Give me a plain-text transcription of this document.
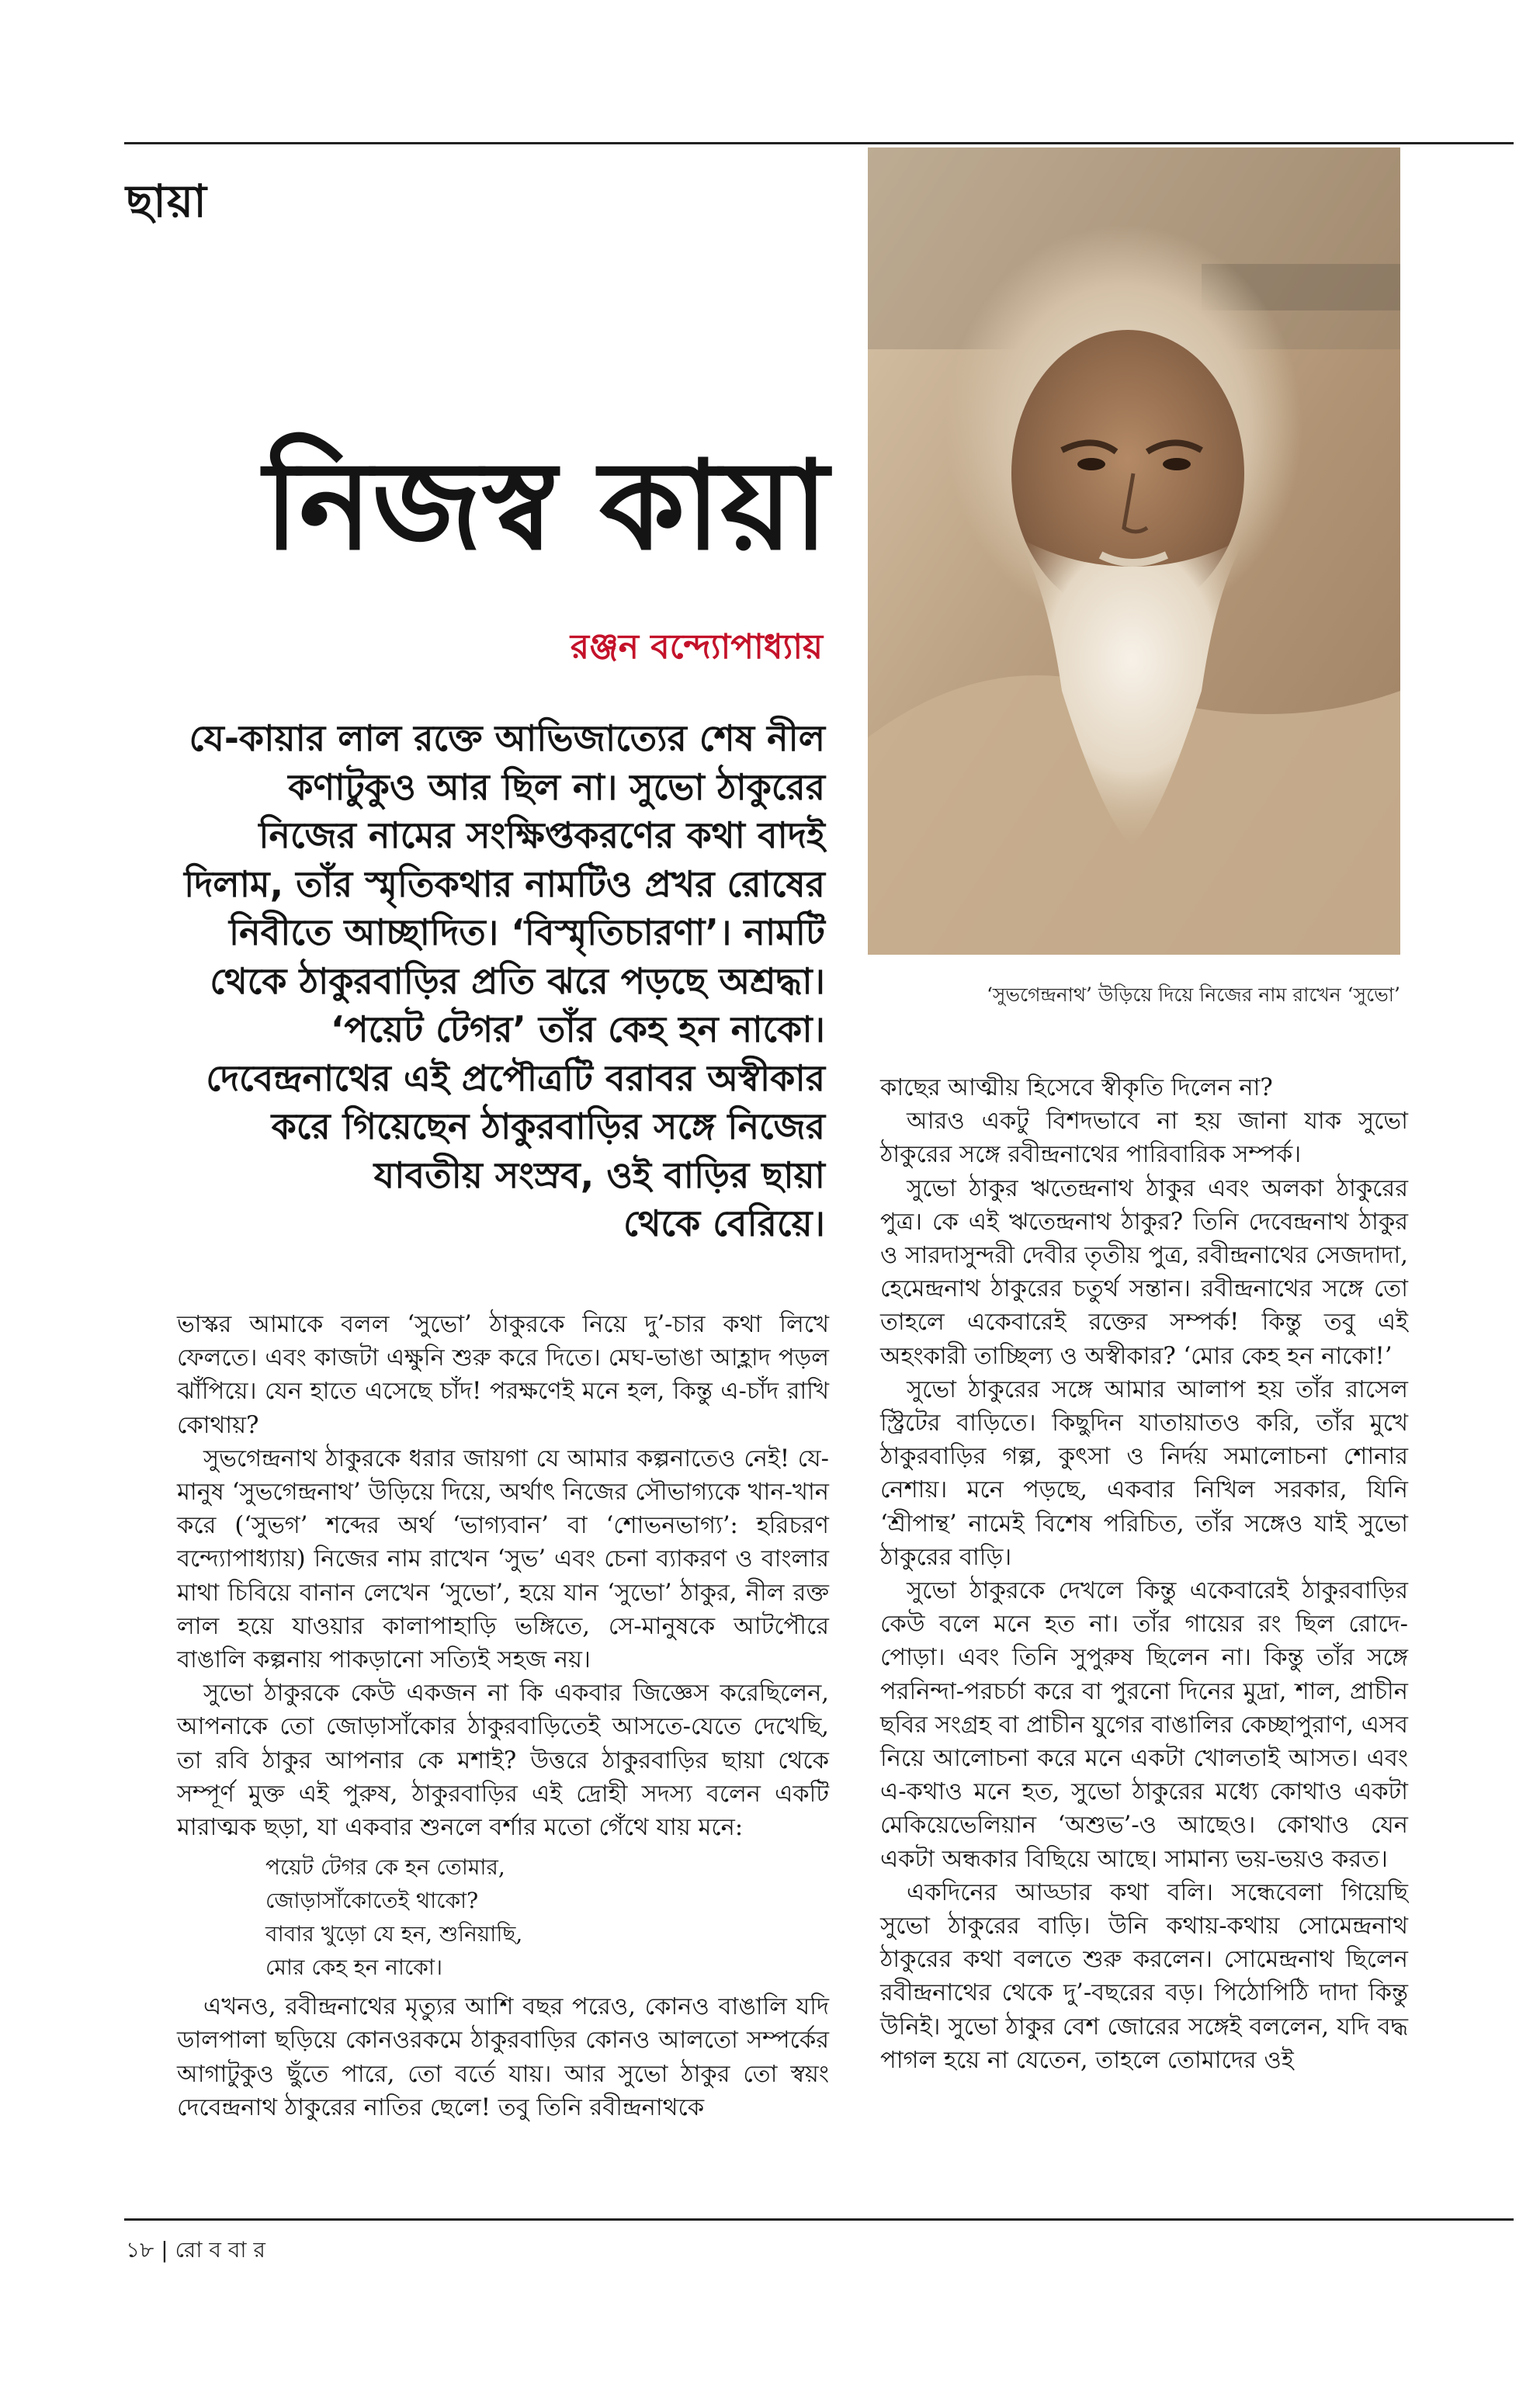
ছায়া
নিজস্ব কায়া
রঞ্জন বন্দ্যোপাধ্যায়

যে-কায়ার লাল রক্তে আভিজাত্যের শেষ নীল

কণাটুকুও আর ছিল না। সুভো ঠাকুরের

নিজের নামের সংক্ষিপ্তকরণের কথা বাদই

দিলাম, তাঁর স্মৃতিকথার নামটিও প্রখর রোষের

নিবীতে আচ্ছাদিত। ‘বিস্মৃতিচারণা’। নামটি

থেকে ঠাকুরবাড়ির প্রতি ঝরে পড়ছে অশ্রদ্ধা।

‘পয়েট টেগর’ তাঁর কেহ হন নাকো।

দেবেন্দ্রনাথের এই প্রপৌত্রটি বরাবর অস্বীকার

করে গিয়েছেন ঠাকুরবাড়ির সঙ্গে নিজের

যাবতীয় সংস্রব, ওই বাড়ির ছায়া

থেকে বেরিয়ে।

‘সুভগেন্দ্রনাথ’ উড়িয়ে দিয়ে নিজের নাম রাখেন ‘সুভো’

ভাস্কর আমাকে বলল ‘সুভো’ ঠাকুরকে নিয়ে দু’-চার কথা লিখে ফেলতে। এবং কাজটা এক্ষুনি শুরু করে দিতে। মেঘ-ভাঙা আহ্লাদ পড়ল ঝাঁপিয়ে। যেন হাতে এসেছে চাঁদ! পরক্ষণেই মনে হল, কিন্তু এ-চাঁদ রাখি কোথায়?

সুভগেন্দ্রনাথ ঠাকুরকে ধরার জায়গা যে আমার কল্পনাতেও নেই! যে-মানুষ ‘সুভগেন্দ্রনাথ’ উড়িয়ে দিয়ে, অর্থাৎ নিজের সৌভাগ্যকে খান-খান করে (‘সুভগ’ শব্দের অর্থ ‘ভাগ্যবান’ বা ‘শোভনভাগ্য’: হরিচরণ বন্দ্যোপাধ্যায়) নিজের নাম রাখেন ‘সুভ’ এবং চেনা ব্যাকরণ ও বাংলার মাথা চিবিয়ে বানান লেখেন ‘সুভো’, হয়ে যান ‘সুভো’ ঠাকুর, নীল রক্ত লাল হয়ে যাওয়ার কালাপাহাড়ি ভঙ্গিতে, সে-মানুষকে আটপৌরে বাঙালি কল্পনায় পাকড়ানো সত্যিই সহজ নয়।

সুভো ঠাকুরকে কেউ একজন না কি একবার জিজ্ঞেস করেছিলেন, আপনাকে তো জোড়াসাঁকোর ঠাকুরবাড়িতেই আসতে-যেতে দেখেছি, তা রবি ঠাকুর আপনার কে মশাই? উত্তরে ঠাকুরবাড়ির ছায়া থেকে সম্পূর্ণ মুক্ত এই পুরুষ, ঠাকুরবাড়ির এই দ্রোহী সদস্য বলেন একটি মারাত্মক ছড়া, যা একবার শুনলে বর্শার মতো গেঁথে যায় মনে:

পয়েট টেগর কে হন তোমার,
জোড়াসাঁকোতেই থাকো?
বাবার খুড়ো যে হন, শুনিয়াছি,
মোর কেহ হন নাকো।

এখনও, রবীন্দ্রনাথের মৃত্যুর আশি বছর পরেও, কোনও বাঙালি যদি ডালপালা ছড়িয়ে কোনওরকমে ঠাকুরবাড়ির কোনও আলতো সম্পর্কের আগাটুকুও ছুঁতে পারে, তো বর্তে যায়। আর সুভো ঠাকুর তো স্বয়ং দেবেন্দ্রনাথ ঠাকুরের নাতির ছেলে! তবু তিনি রবীন্দ্রনাথকে

কাছের আত্মীয় হিসেবে স্বীকৃতি দিলেন না?

আরও একটু বিশদভাবে না হয় জানা যাক সুভো ঠাকুরের সঙ্গে রবীন্দ্রনাথের পারিবারিক সম্পর্ক।

সুভো ঠাকুর ঋতেন্দ্রনাথ ঠাকুর এবং অলকা ঠাকুরের পুত্র। কে এই ঋতেন্দ্রনাথ ঠাকুর? তিনি দেবেন্দ্রনাথ ঠাকুর ও সারদাসুন্দরী দেবীর তৃতীয় পুত্র, রবীন্দ্রনাথের সেজদাদা, হেমেন্দ্রনাথ ঠাকুরের চতুর্থ সন্তান। রবীন্দ্রনাথের সঙ্গে তো তাহলে একেবারেই রক্তের সম্পর্ক! কিন্তু তবু এই অহংকারী তাচ্ছিল্য ও অস্বীকার? ‘মোর কেহ হন নাকো!’

সুভো ঠাকুরের সঙ্গে আমার আলাপ হয় তাঁর রাসেল স্ট্রিটের বাড়িতে। কিছুদিন যাতায়াতও করি, তাঁর মুখে ঠাকুরবাড়ির গল্প, কুৎসা ও নির্দয় সমালোচনা শোনার নেশায়। মনে পড়ছে, একবার নিখিল সরকার, যিনি ‘শ্রীপান্থ’ নামেই বিশেষ পরিচিত, তাঁর সঙ্গেও যাই সুভো ঠাকুরের বাড়ি।

সুভো ঠাকুরকে দেখলে কিন্তু একেবারেই ঠাকুরবাড়ির কেউ বলে মনে হত না। তাঁর গায়ের রং ছিল রোদে-পোড়া। এবং তিনি সুপুরুষ ছিলেন না। কিন্তু তাঁর সঙ্গে পরনিন্দা-পরচর্চা করে বা পুরনো দিনের মুদ্রা, শাল, প্রাচীন ছবির সংগ্রহ বা প্রাচীন যুগের বাঙালির কেচ্ছাপুরাণ, এসব নিয়ে আলোচনা করে মনে একটা খোলতাই আসত। এবং এ-কথাও মনে হত, সুভো ঠাকুরের মধ্যে কোথাও একটা মেকিয়েভেলিয়ান ‘অশুভ’-ও আছেও। কোথাও যেন একটা অন্ধকার বিছিয়ে আছে। সামান্য ভয়-ভয়ও করত।

একদিনের আড্ডার কথা বলি। সন্ধেবেলা গিয়েছি সুভো ঠাকুরের বাড়ি। উনি কথায়-কথায় সোমেন্দ্রনাথ ঠাকুরের কথা বলতে শুরু করলেন। সোমেন্দ্রনাথ ছিলেন রবীন্দ্রনাথের থেকে দু’-বছরের বড়। পিঠোপিঠি দাদা কিন্তু উনিই। সুভো ঠাকুর বেশ জোরের সঙ্গেই বললেন, যদি বদ্ধ পাগল হয়ে না যেতেন, তাহলে তোমাদের ওই

১৮ | রো ব বা র
